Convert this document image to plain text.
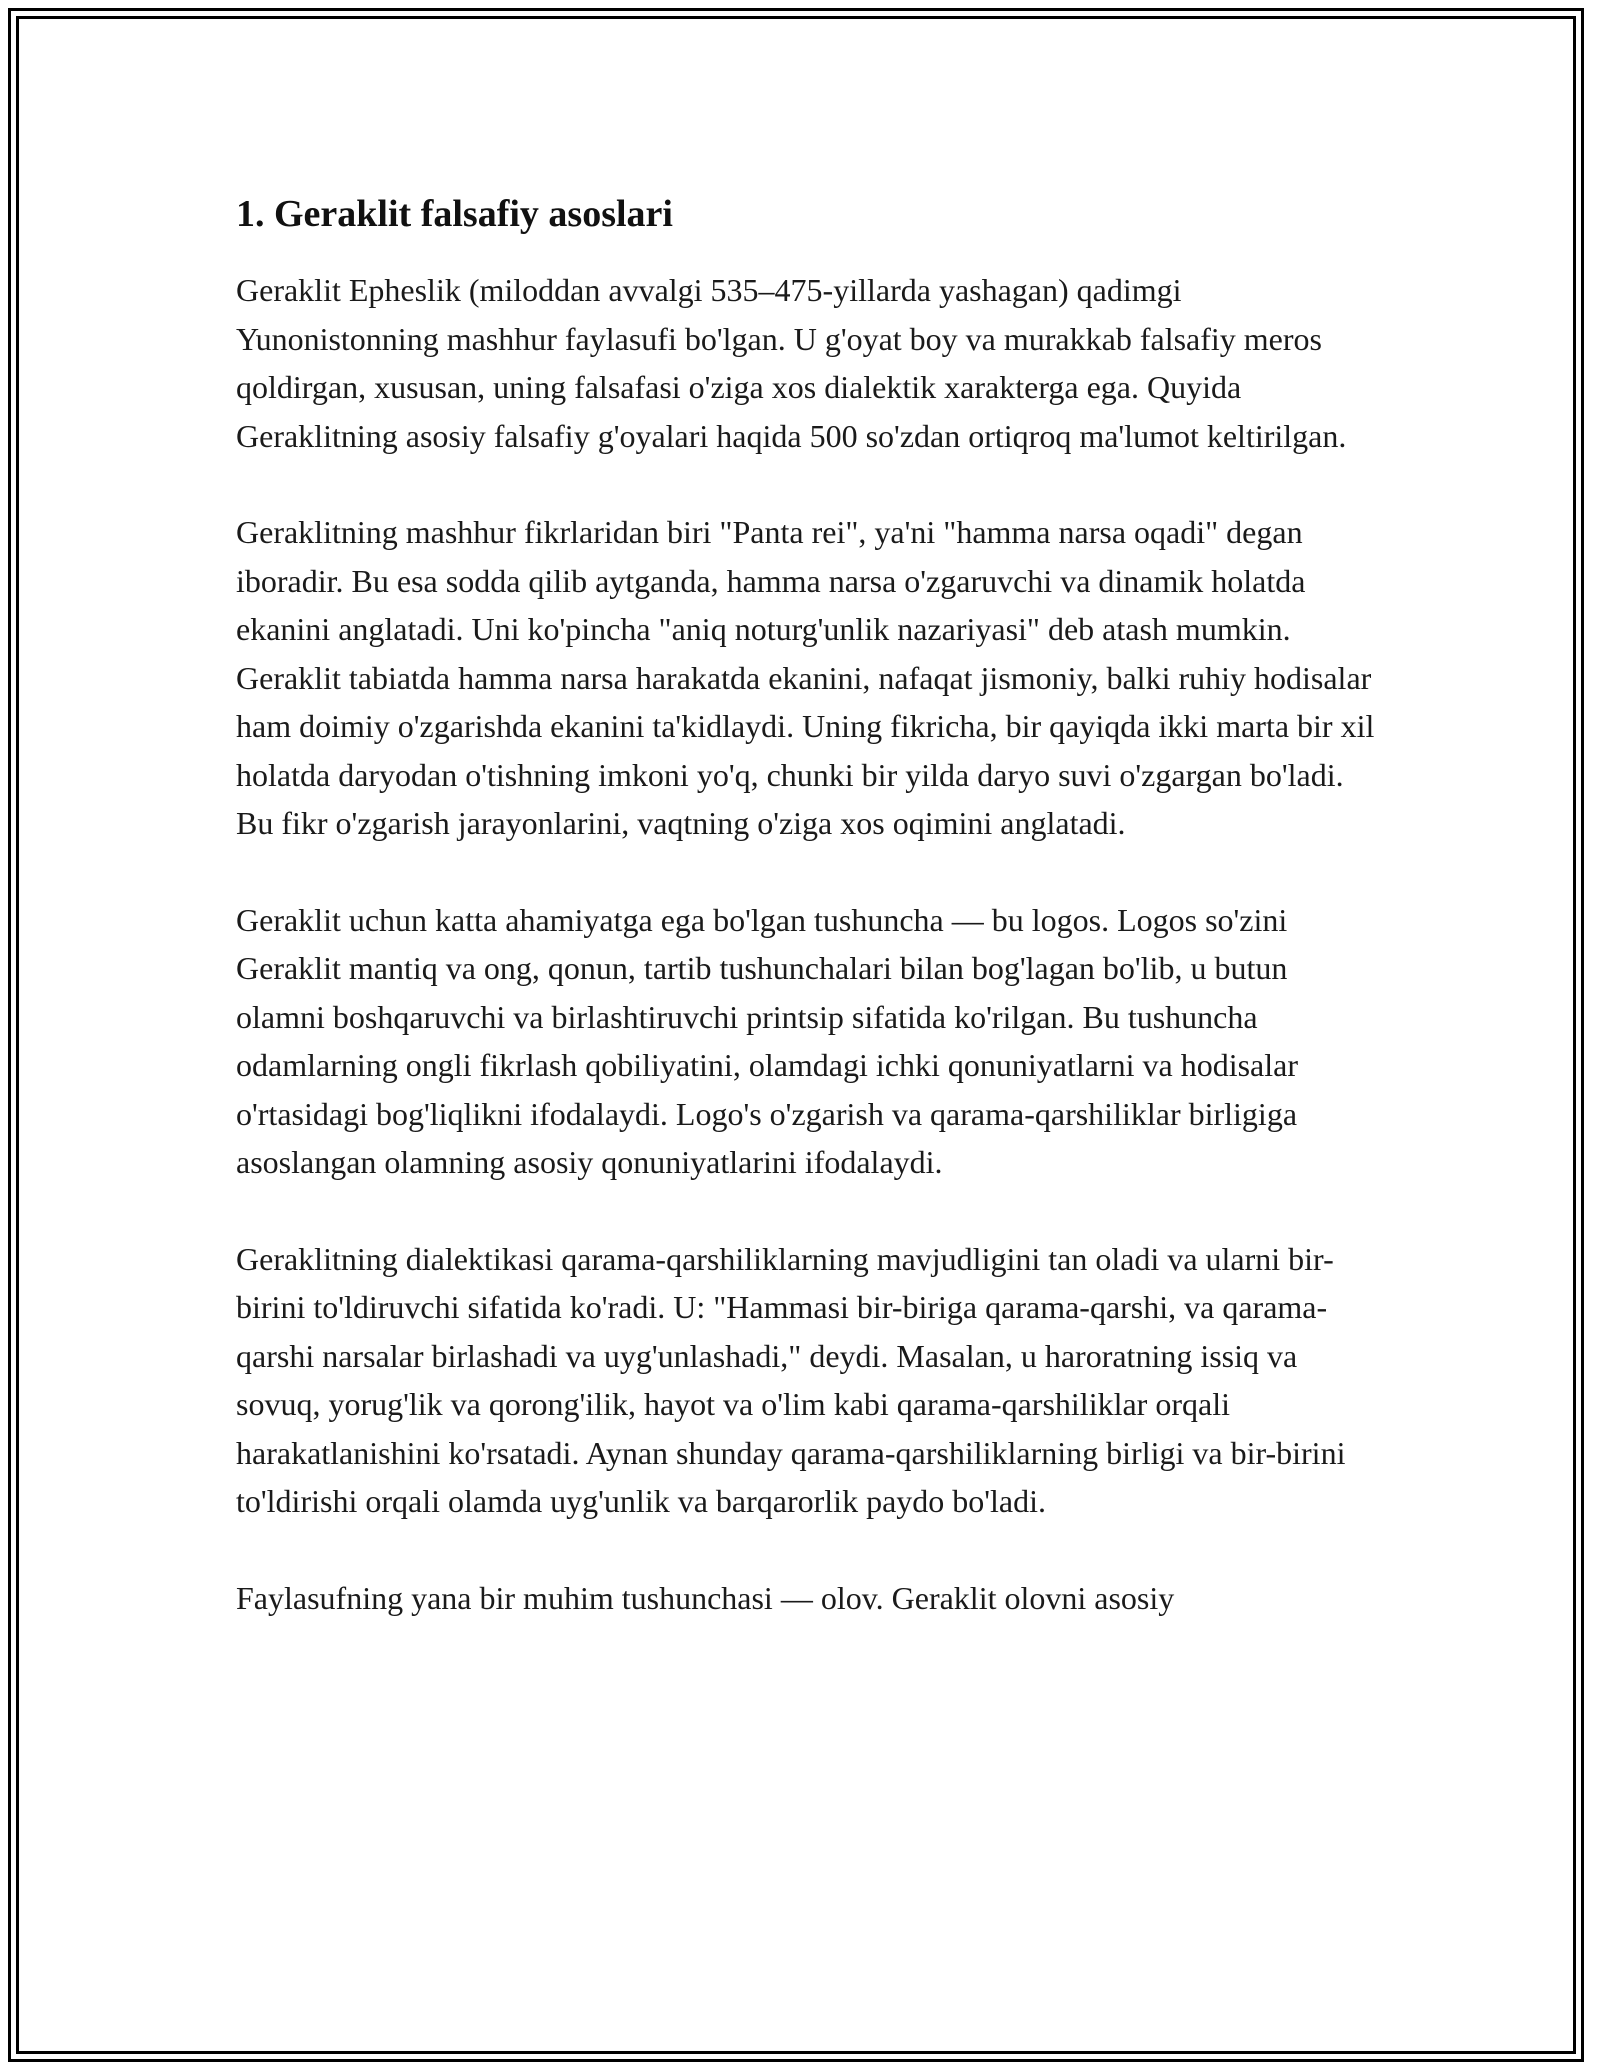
1. Geraklit falsafiy asoslari

Geraklit Epheslik (miloddan avvalgi 535–475-yillarda yashagan) qadimgi Yunonistonning mashhur faylasufi bo'lgan. U g'oyat boy va murakkab falsafiy meros qoldirgan, xususan, uning falsafasi o'ziga xos dialektik xarakterga ega. Quyida Geraklitning asosiy falsafiy g'oyalari haqida 500 so'zdan ortiqroq ma'lumot keltirilgan.

Geraklitning mashhur fikrlaridan biri "Panta rei", ya'ni "hamma narsa oqadi" degan iboradir. Bu esa sodda qilib aytganda, hamma narsa o'zgaruvchi va dinamik holatda ekanini anglatadi. Uni ko'pincha "aniq noturg'unlik nazariyasi" deb atash mumkin. Geraklit tabiatda hamma narsa harakatda ekanini, nafaqat jismoniy, balki ruhiy hodisalar ham doimiy o'zgarishda ekanini ta'kidlaydi. Uning fikricha, bir qayiqda ikki marta bir xil holatda daryodan o'tishning imkoni yo'q, chunki bir yilda daryo suvi o'zgargan bo'ladi. Bu fikr o'zgarish jarayonlarini, vaqtning o'ziga xos oqimini anglatadi.

Geraklit uchun katta ahamiyatga ega bo'lgan tushuncha — bu logos. Logos so'zini Geraklit mantiq va ong, qonun, tartib tushunchalari bilan bog'lagan bo'lib, u butun olamni boshqaruvchi va birlashtiruvchi printsip sifatida ko'rilgan. Bu tushuncha odamlarning ongli fikrlash qobiliyatini, olamdagi ichki qonuniyatlarni va hodisalar o'rtasidagi bog'liqlikni ifodalaydi. Logo's o'zgarish va qarama-qarshiliklar birligiga asoslangan olamning asosiy qonuniyatlarini ifodalaydi.

Geraklitning dialektikasi qarama-qarshiliklarning mavjudligini tan oladi va ularni bir-birini to'ldiruvchi sifatida ko'radi. U: "Hammasi bir-biriga qarama-qarshi, va qarama-qarshi narsalar birlashadi va uyg'unlashadi," deydi. Masalan, u haroratning issiq va sovuq, yorug'lik va qorong'ilik, hayot va o'lim kabi qarama-qarshiliklar orqali harakatlanishini ko'rsatadi. Aynan shunday qarama-qarshiliklarning birligi va bir-birini to'ldirishi orqali olamda uyg'unlik va barqarorlik paydo bo'ladi.

Faylasufning yana bir muhim tushunchasi — olov. Geraklit olovni asosiy
